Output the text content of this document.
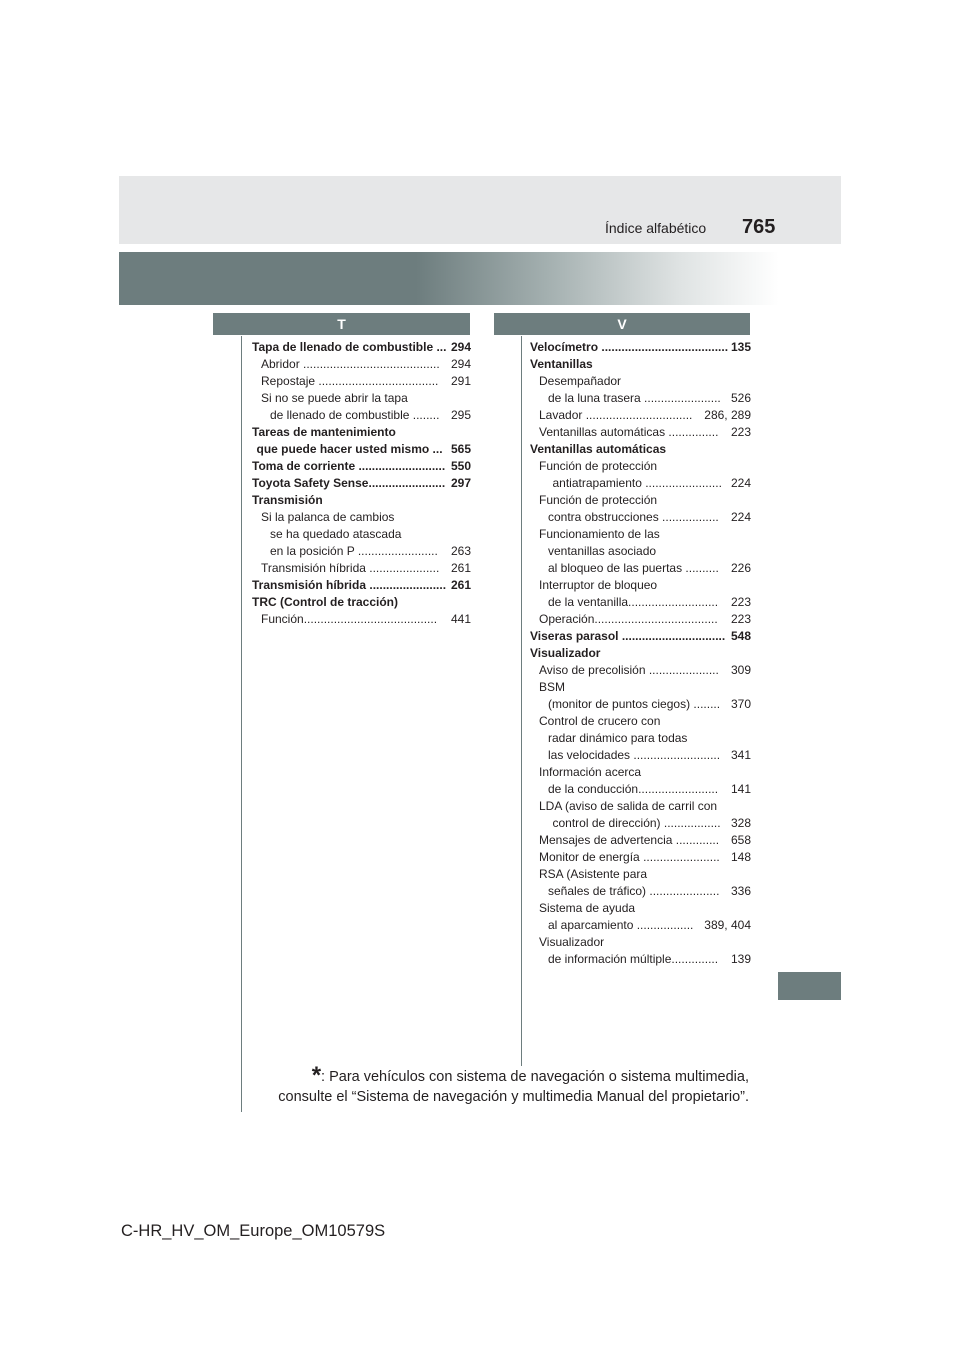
Índice alfabético 765
T	V
Tapa de llenado de combustible ... 294
Abridor ......................................... 294
Repostaje .................................... 291
Si no se puede abrir la tapa
de llenado de combustible ........ 295
Tareas de mantenimiento
que puede hacer usted mismo ... 565
Toma de corriente .......................... 550
Toyota Safety Sense....................... 297
Transmisión
Si la palanca de cambios
se ha quedado atascada
en la posición P ........................ 263
Transmisión híbrida ..................... 261
Transmisión híbrida ....................... 261
TRC (Control de tracción)
Función........................................ 441
Velocímetro ...................................... 135
Ventanillas
Desempañador
de la luna trasera ....................... 526
Lavador ................................ 286, 289
Ventanillas automáticas ............... 223
Ventanillas automáticas
Función de protección
antiatrapamiento ....................... 224
Función de protección
contra obstrucciones ................. 224
Funcionamiento de las
ventanillas asociado
al bloqueo de las puertas .......... 226
Interruptor de bloqueo
de la ventanilla........................... 223
Operación..................................... 223
Viseras parasol ............................... 548
Visualizador
Aviso de precolisión ..................... 309
BSM
(monitor de puntos ciegos) ........ 370
Control de crucero con
radar dinámico para todas
las velocidades .......................... 341
Información acerca
de la conducción........................ 141
LDA (aviso de salida de carril con
control de dirección) ................. 328
Mensajes de advertencia ............. 658
Monitor de energía ....................... 148
RSA (Asistente para
señales de tráfico) ..................... 336
Sistema de ayuda
al aparcamiento ................. 389, 404
Visualizador
de información múltiple.............. 139
*: Para vehículos con sistema de navegación o sistema multimedia,
consulte el “Sistema de navegación y multimedia Manual del propietario”.
C-HR_HV_OM_Europe_OM10579S
